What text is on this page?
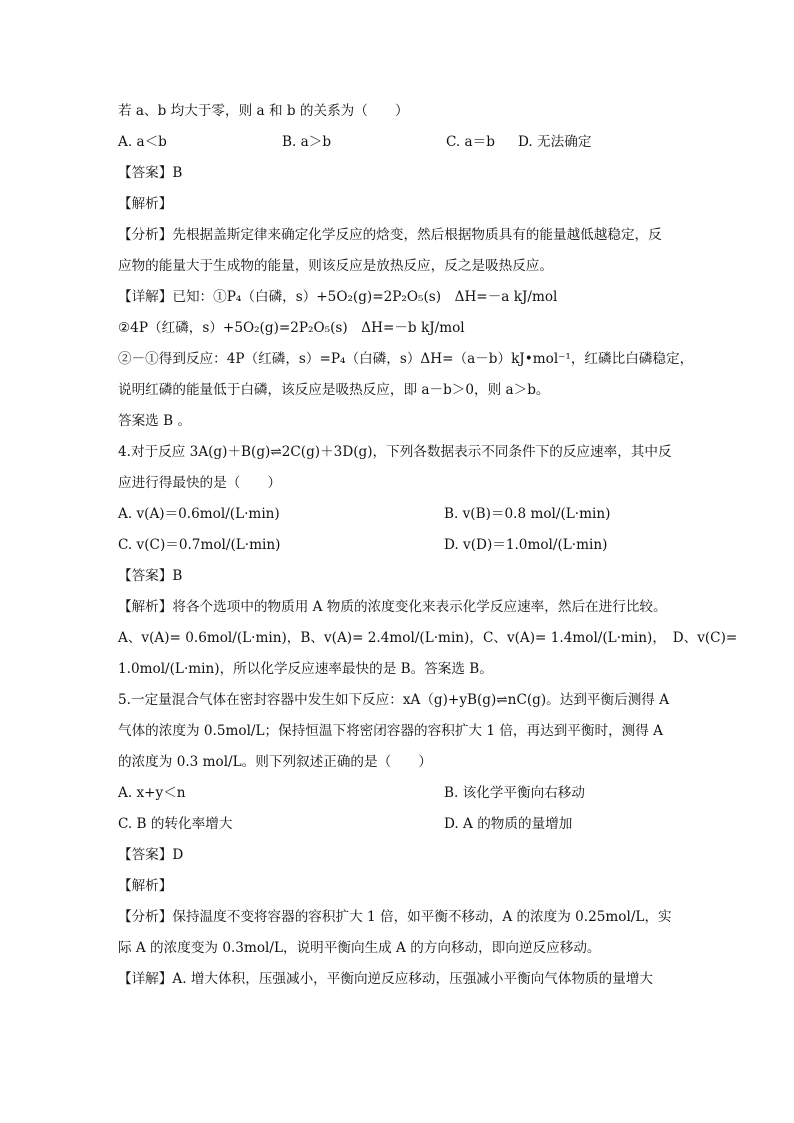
若 a、b 均大于零，则 a 和 b 的关系为（　　）
A. a＜b	B. a＞b	C. a＝b	D. 无法确定
【答案】B
【解析】
【分析】先根据盖斯定律来确定化学反应的焓变，然后根据物质具有的能量越低越稳定，反
应物的能量大于生成物的能量，则该反应是放热反应，反之是吸热反应。
【详解】已知：①P₄（白磷，s）+5O₂(g)=2P₂O₅(s)　ΔH=－a kJ/mol
②4P（红磷，s）+5O₂(g)=2P₂O₅(s)　ΔH=－b kJ/mol
②－①得到反应：4P（红磷，s）=P₄（白磷，s）ΔH=（a－b）kJ•mol⁻¹，红磷比白磷稳定，
说明红磷的能量低于白磷，该反应是吸热反应，即 a－b＞0，则 a＞b。
答案选 B 。
4.对于反应 3A(g)＋B(g)⇌2C(g)＋3D(g)，下列各数据表示不同条件下的反应速率，其中反
应进行得最快的是（　　）
A. v(A)＝0.6mol/(L·min)	B. v(B)＝0.8 mol/(L·min)
C. v(C)＝0.7mol/(L·min)	D. v(D)＝1.0mol/(L·min)
【答案】B
【解析】将各个选项中的物质用 A 物质的浓度变化来表示化学反应速率，然后在进行比较。
A、v(A)= 0.6mol/(L·min)，B、v(A)= 2.4mol/(L·min)，C、v(A)= 1.4mol/(L·min)，　D、v(C)=
1.0mol/(L·min)，所以化学反应速率最快的是 B。答案选 B。
5.一定量混合气体在密封容器中发生如下反应：xA（g)+yB(g)⇌nC(g)。达到平衡后测得 A
气体的浓度为 0.5mol/L；保持恒温下将密闭容器的容积扩大 1 倍，再达到平衡时，测得 A
的浓度为 0.3 mol/L。则下列叙述正确的是（　　）
A. x+y＜n	B. 该化学平衡向右移动
C. B 的转化率增大	D. A 的物质的量增加
【答案】D
【解析】
【分析】保持温度不变将容器的容积扩大 1 倍，如平衡不移动，A 的浓度为 0.25mol/L，实
际 A 的浓度变为 0.3mol/L，说明平衡向生成 A 的方向移动，即向逆反应移动。
【详解】A. 增大体积，压强减小，平衡向逆反应移动，压强减小平衡向气体物质的量增大
